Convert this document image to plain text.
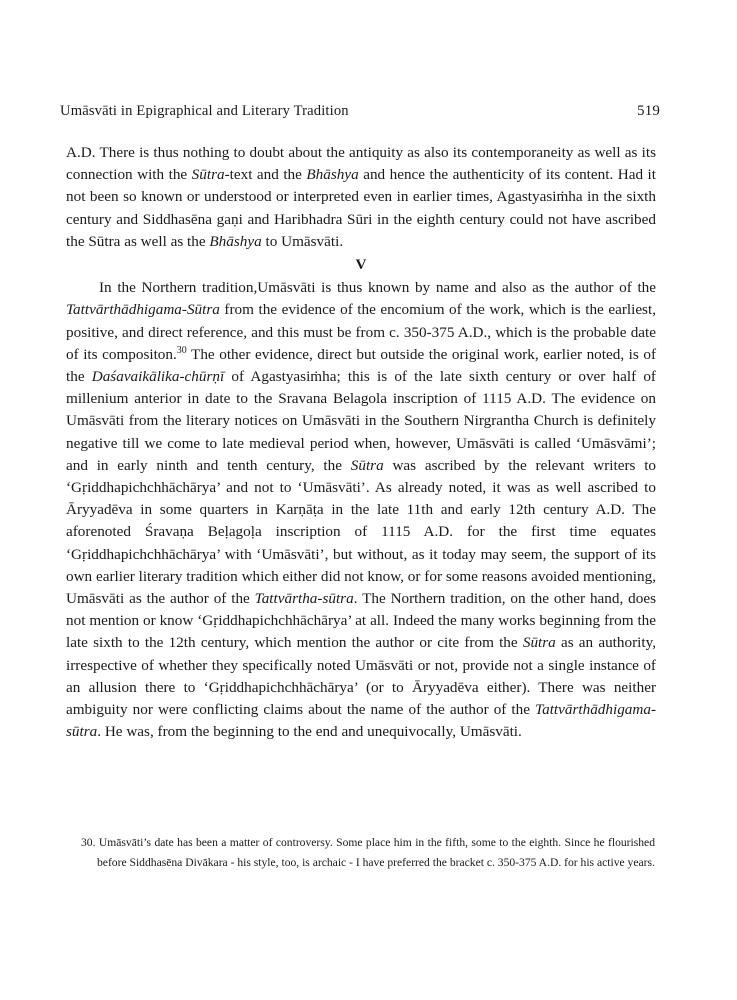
Umāsvāti in Epigraphical and Literary Tradition	519

A.D. There is thus nothing to doubt about the antiquity as also its contemporaneity as well as its connection with the Sūtra-text and the Bhāshya and hence the authenticity of its content. Had it not been so known or understood or interpreted even in earlier times, Agastyasiṁha in the sixth century and Siddhasēna gaṇi and Haribhadra Sūri in the eighth century could not have ascribed the Sūtra as well as the Bhāshya to Umāsvāti.

V

In the Northern tradition,Umāsvāti is thus known by name and also as the author of the Tattvārthādhigama-Sūtra from the evidence of the encomium of the work, which is the earliest, positive, and direct reference, and this must be from c. 350-375 A.D., which is the probable date of its compositon.$^{30}$ The other evidence, direct but outside the original work, earlier noted, is of the Daśavaikālika-chūrṇī of Agastyasiṁha; this is of the late sixth century or over half of millenium anterior in date to the Sravana Belagola inscription of 1115 A.D. The evidence on Umāsvāti from the literary notices on Umāsvāti in the Southern Nirgrantha Church is definitely negative till we come to late medieval period when, however, Umāsvāti is called ‘Umāsvāmi’; and in early ninth and tenth century, the Sūtra was ascribed by the relevant writers to ‘Gṛiddhapichchhāchārya’ and not to ‘Umāsvāti’. As already noted, it was as well ascribed to Āryyadēva in some quarters in Karṇāṭa in the late 11th and early 12th century A.D. The aforenoted Śravaṇa Beḷagoḷa inscription of 1115 A.D. for the first time equates ‘Gṛiddhapichchhāchārya’ with ‘Umāsvāti’, but without, as it today may seem, the support of its own earlier literary tradition which either did not know, or for some reasons avoided mentioning, Umāsvāti as the author of the Tattvārtha-sūtra. The Northern tradition, on the other hand, does not mention or know ‘Gṛiddhapichchhāchārya’ at all. Indeed the many works beginning from the late sixth to the 12th century, which mention the author or cite from the Sūtra as an authority, irrespective of whether they specifically noted Umāsvāti or not, provide not a single instance of an allusion there to ‘Gṛiddhapichchhāchārya’ (or to Āryyadēva either). There was neither ambiguity nor were conflicting claims about the name of the author of the Tattvārthādhigama-sūtra. He was, from the beginning to the end and unequivocally, Umāsvāti.

30. Umāsvāti’s date has been a matter of controversy. Some place him in the fifth, some to the eighth. Since he flourished before Siddhasēna Divākara - his style, too, is archaic - I have preferred the bracket c. 350-375 A.D. for his active years.
